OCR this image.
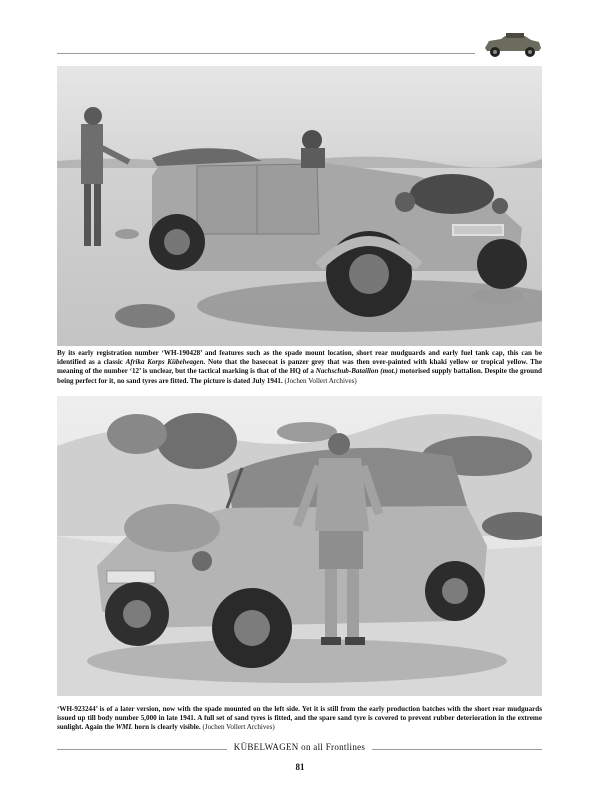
By its early registration number ‘WH-190428’ and features such as the spade mount location, short rear mudguards and early fuel tank cap, this can be identified as a classic Afrika Korps Kübelwagen. Note that the basecoat is panzer grey that was then over-painted with khaki yellow or tropical yellow. The meaning of the number ‘12’ is unclear, but the tactical marking is that of the HQ of a Nachschub-Bataillon (mot.) motorised supply battalion. Despite the ground being perfect for it, no sand tyres are fitted. The picture is dated July 1941. (Jochen Vollert Archives)
‘WH-923244’ is of a later version, now with the spade mounted on the left side. Yet it is still from the early production batches with the short rear mudguards issued up till body number 5,000 in late 1941. A full set of sand tyres is fitted, and the spare sand tyre is covered to prevent rubber deterioration in the extreme sunlight. Again the WML horn is clearly visible. (Jochen Vollert Archives)
KÜBELWAGEN on all Frontlines
81
